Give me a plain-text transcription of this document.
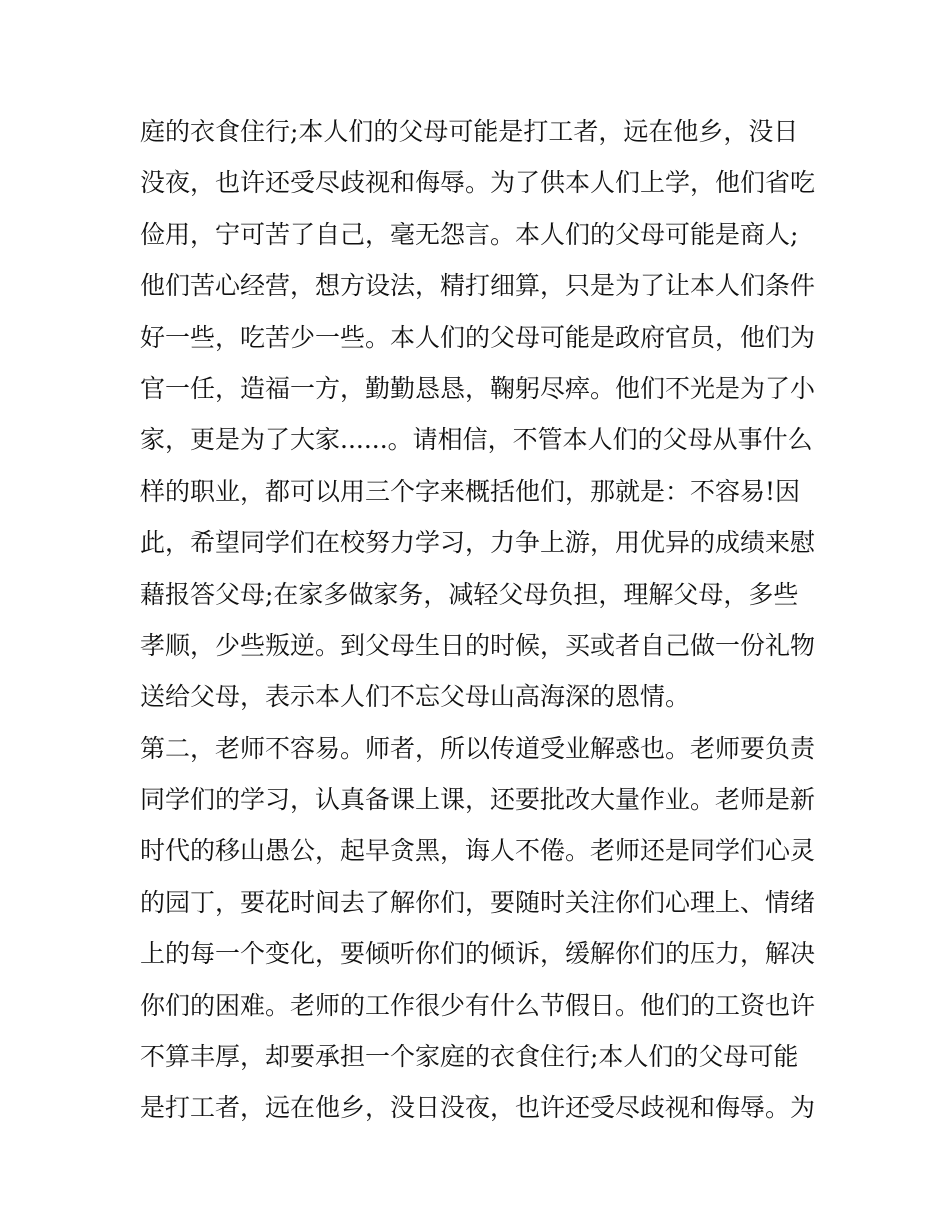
庭的衣食住行;本人们的父母可能是打工者，远在他乡，没日
没夜，也许还受尽歧视和侮辱。为了供本人们上学，他们省吃
俭用，宁可苦了自己，毫无怨言。本人们的父母可能是商人;
他们苦心经营，想方设法，精打细算，只是为了让本人们条件
好一些，吃苦少一些。本人们的父母可能是政府官员，他们为
官一任，造福一方，勤勤恳恳，鞠躬尽瘁。他们不光是为了小
家，更是为了大家......。请相信，不管本人们的父母从事什么
样的职业，都可以用三个字来概括他们，那就是：不容易!因
此，希望同学们在校努力学习，力争上游，用优异的成绩来慰
藉报答父母;在家多做家务，减轻父母负担，理解父母，多些
孝顺，少些叛逆。到父母生日的时候，买或者自己做一份礼物
送给父母，表示本人们不忘父母山高海深的恩情。
第二，老师不容易。师者，所以传道受业解惑也。老师要负责
同学们的学习，认真备课上课，还要批改大量作业。老师是新
时代的移山愚公，起早贪黑，诲人不倦。老师还是同学们心灵
的园丁，要花时间去了解你们，要随时关注你们心理上、情绪
上的每一个变化，要倾听你们的倾诉，缓解你们的压力，解决
你们的困难。老师的工作很少有什么节假日。他们的工资也许
不算丰厚，却要承担一个家庭的衣食住行;本人们的父母可能
是打工者，远在他乡，没日没夜，也许还受尽歧视和侮辱。为
